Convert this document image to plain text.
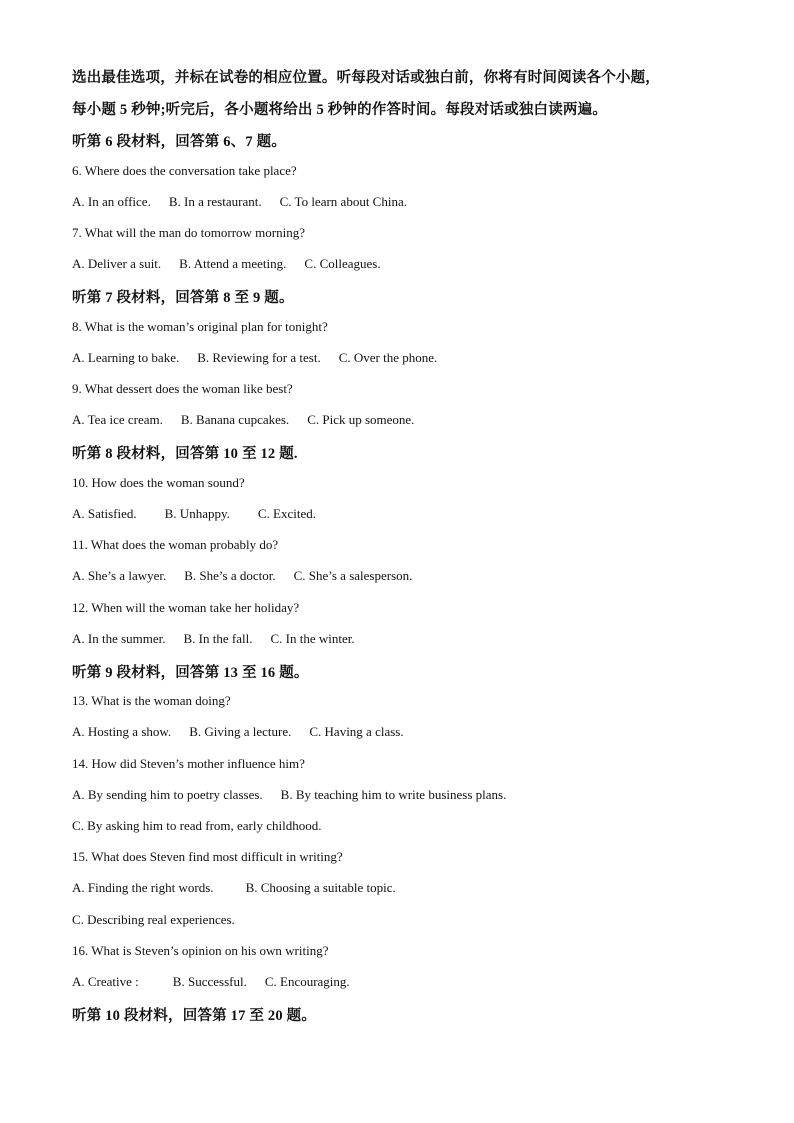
选出最佳选项，并标在试卷的相应位置。听每段对话或独白前，你将有时间阅读各个小题，
每小题 5 秒钟;听完后，各小题将给出 5 秒钟的作答时间。每段对话或独白读两遍。
听第 6 段材料，回答第 6、7 题。
6. Where does the conversation take place?
A. In an office. B. In a restaurant. C. To learn about China.
7. What will the man do tomorrow morning?
A. Deliver a suit. B. Attend a meeting. C. Colleagues.
听第 7 段材料，回答第 8 至 9 题。
8. What is the woman’s original plan for tonight?
A. Learning to bake. B. Reviewing for a test. C. Over the phone.
9. What dessert does the woman like best?
A. Tea ice cream. B. Banana cupcakes. C. Pick up someone.
听第 8 段材料，回答第 10 至 12 题.
10. How does the woman sound?
A. Satisfied. B. Unhappy. C. Excited.
11. What does the woman probably do?
A. She’s a lawyer. B. She’s a doctor. C. She’s a salesperson.
12. When will the woman take her holiday?
A. In the summer. B. In the fall. C. In the winter.
听第 9 段材料，回答第 13 至 16 题。
13. What is the woman doing?
A. Hosting a show. B. Giving a lecture. C. Having a class.
14. How did Steven’s mother influence him?
A. By sending him to poetry classes. B. By teaching him to write business plans.
C. By asking him to read from, early childhood.
15. What does Steven find most difficult in writing?
A. Finding the right words. B. Choosing a suitable topic.
C. Describing real experiences.
16. What is Steven’s opinion on his own writing?
A. Creative :	B. Successful. C. Encouraging.
听第 10 段材料，回答第 17 至 20 题。
